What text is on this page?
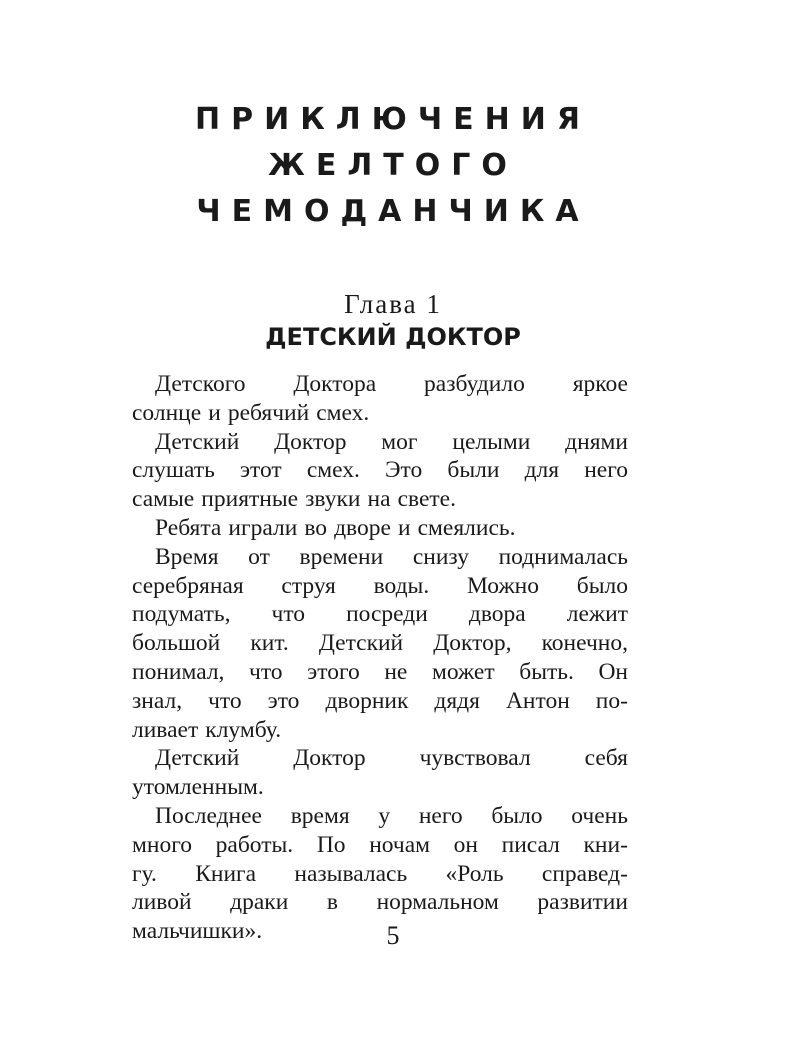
ПРИКЛЮЧЕНИЯ
ЖЕЛТОГО
ЧЕМОДАНЧИКА
Глава 1
ДЕТСКИЙ ДОКТОР
Детского Доктора разбудило яркое
солнце и ребячий смех.
Детский Доктор мог целыми днями
слушать этот смех. Это были для него
самые приятные звуки на свете.
Ребята играли во дворе и смеялись.
Время от времени снизу поднималась
серебряная струя воды. Можно было
подумать, что посреди двора лежит
большой кит. Детский Доктор, конечно,
понимал, что этого не может быть. Он
знал, что это дворник дядя Антон по-
ливает клумбу.
Детский Доктор чувствовал себя
утомленным.
Последнее время у него было очень
много работы. По ночам он писал кни-
гу. Книга называлась «Роль справед-
ливой драки в нормальном развитии
мальчишки».	5
